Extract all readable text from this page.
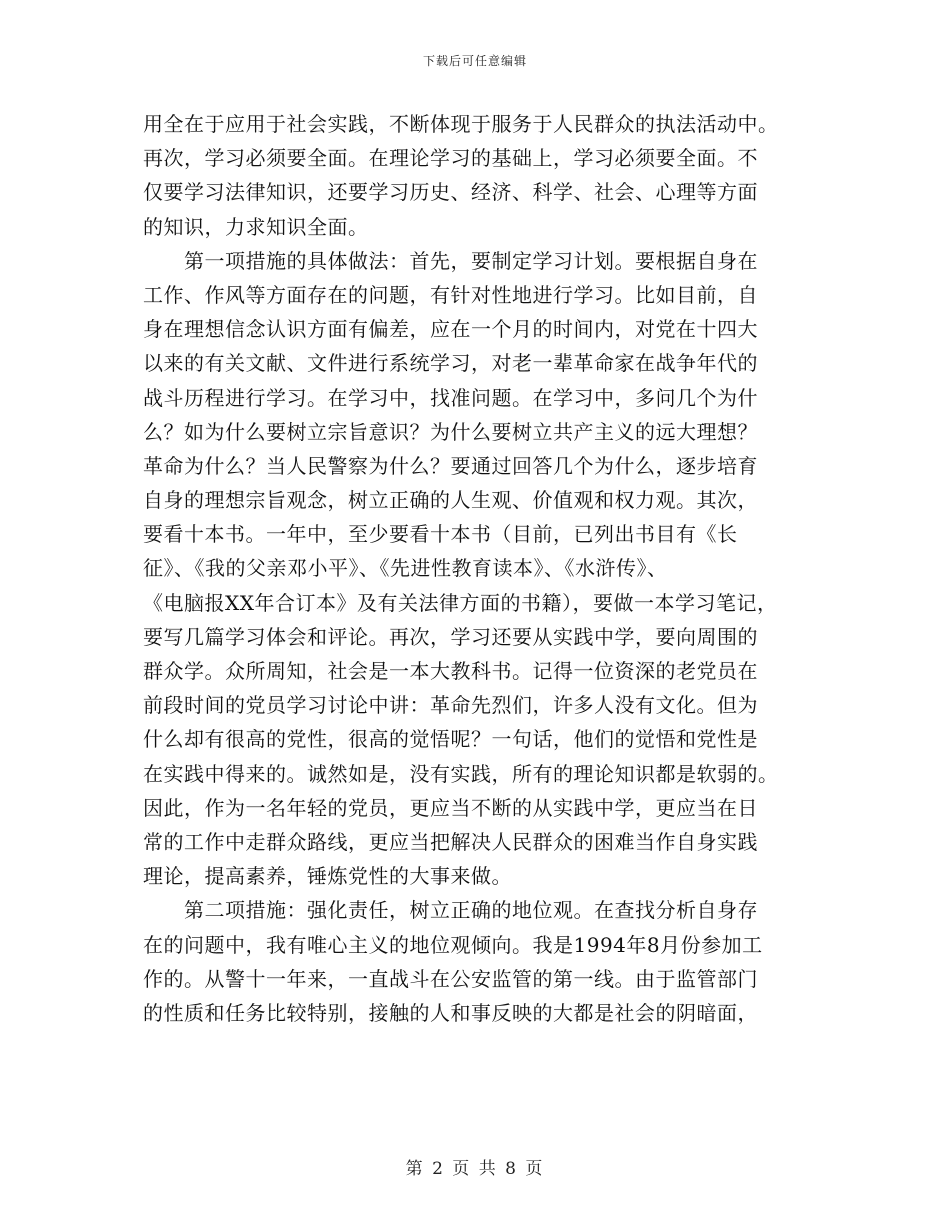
下载后可任意编辑
用全在于应用于社会实践，不断体现于服务于人民群众的执法活动中。
再次，学习必须要全面。在理论学习的基础上，学习必须要全面。不
仅要学习法律知识，还要学习历史、经济、科学、社会、心理等方面
的知识，力求知识全面。
　　第一项措施的具体做法：首先，要制定学习计划。要根据自身在
工作、作风等方面存在的问题，有针对性地进行学习。比如目前，自
身在理想信念认识方面有偏差，应在一个月的时间内，对党在十四大
以来的有关文献、文件进行系统学习，对老一辈革命家在战争年代的
战斗历程进行学习。在学习中，找准问题。在学习中，多问几个为什
么？如为什么要树立宗旨意识？为什么要树立共产主义的远大理想？
革命为什么？当人民警察为什么？要通过回答几个为什么，逐步培育
自身的理想宗旨观念，树立正确的人生观、价值观和权力观。其次，
要看十本书。一年中，至少要看十本书（目前，已列出书目有《长
征》、《我的父亲邓小平》、《先进性教育读本》、《水浒传》、
《电脑报XX年合订本》及有关法律方面的书籍），要做一本学习笔记，
要写几篇学习体会和评论。再次，学习还要从实践中学，要向周围的
群众学。众所周知，社会是一本大教科书。记得一位资深的老党员在
前段时间的党员学习讨论中讲：革命先烈们，许多人没有文化。但为
什么却有很高的党性，很高的觉悟呢？一句话，他们的觉悟和党性是
在实践中得来的。诚然如是，没有实践，所有的理论知识都是软弱的。
因此，作为一名年轻的党员，更应当不断的从实践中学，更应当在日
常的工作中走群众路线，更应当把解决人民群众的困难当作自身实践
理论，提高素养，锤炼党性的大事来做。
　　第二项措施：强化责任，树立正确的地位观。在查找分析自身存
在的问题中，我有唯心主义的地位观倾向。我是1994年8月份参加工
作的。从警十一年来，一直战斗在公安监管的第一线。由于监管部门
的性质和任务比较特别，接触的人和事反映的大都是社会的阴暗面，
第 2 页 共 8 页
